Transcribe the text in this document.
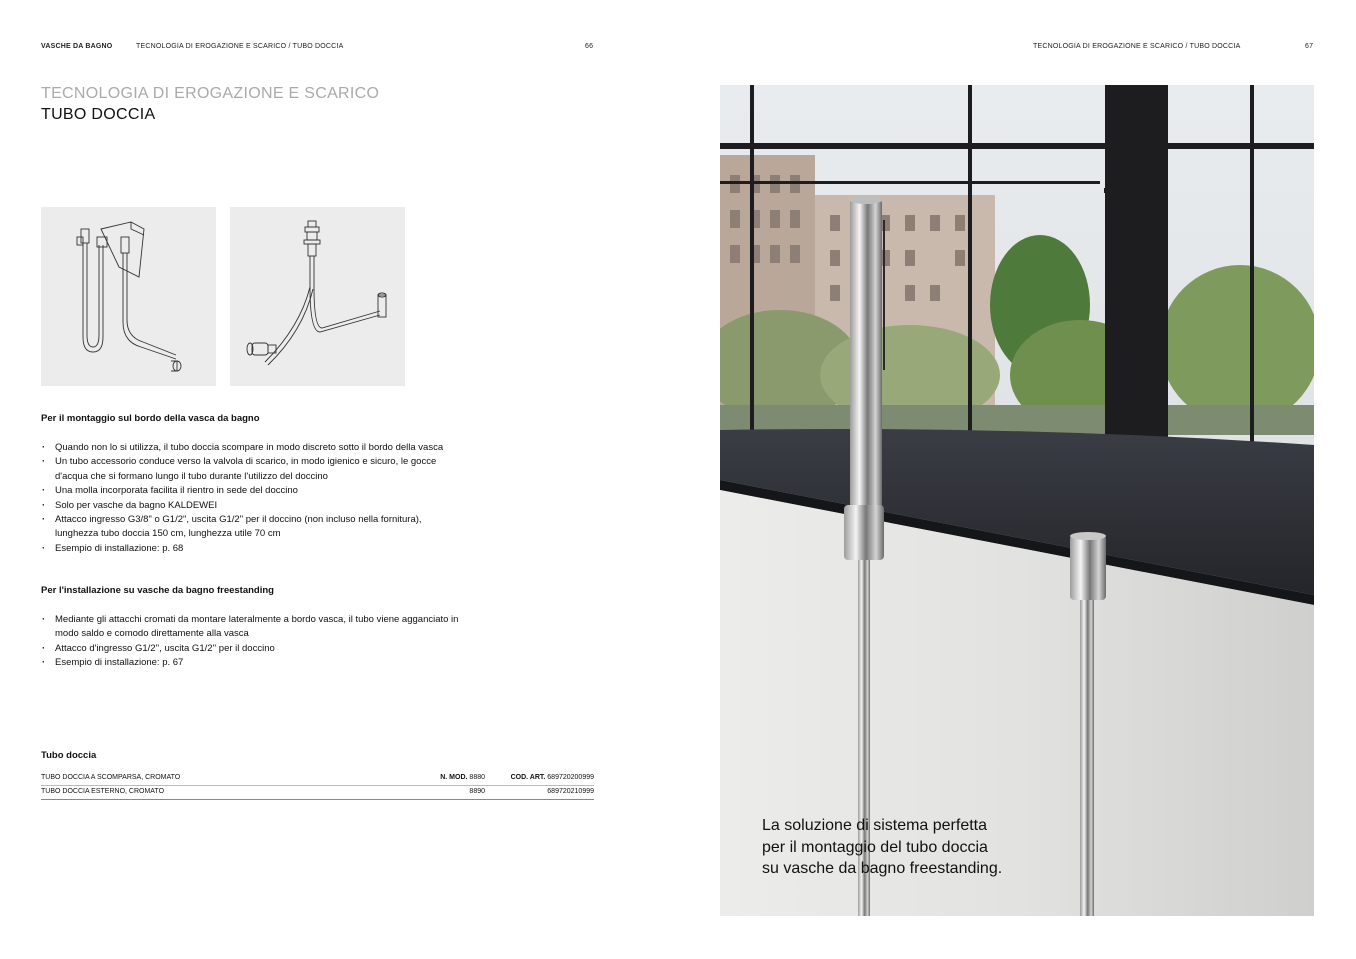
VASCHE DA BAGNO	TECNOLOGIA DI EROGAZIONE E SCARICO / TUBO DOCCIA	66	TECNOLOGIA DI EROGAZIONE E SCARICO / TUBO DOCCIA	67
TECNOLOGIA DI EROGAZIONE E SCARICO
TUBO DOCCIA
Per il montaggio sul bordo della vasca da bagno
· Quando non lo si utilizza, il tubo doccia scompare in modo discreto sotto il bordo della vasca
· Un tubo accessorio conduce verso la valvola di scarico, in modo igienico e sicuro, le gocce d'acqua che si formano lungo il tubo durante l'utilizzo del doccino
· Una molla incorporata facilita il rientro in sede del doccino
· Solo per vasche da bagno KALDEWEI
· Attacco ingresso G3/8" o G1/2", uscita G1/2" per il doccino (non incluso nella fornitura), lunghezza tubo doccia 150 cm, lunghezza utile 70 cm
· Esempio di installazione: p. 68
Per l'installazione su vasche da bagno freestanding
· Mediante gli attacchi cromati da montare lateralmente a bordo vasca, il tubo viene agganciato in modo saldo e comodo direttamente alla vasca
· Attacco d'ingresso G1/2'', uscita G1/2'' per il doccino
· Esempio di installazione: p. 67
Tubo doccia
TUBO DOCCIA A SCOMPARSA, CROMATO	N. MOD. 8880	COD. ART. 689720200999
TUBO DOCCIA ESTERNO, CROMATO	8890	689720210999
La soluzione di sistema perfetta
per il montaggio del tubo doccia
su vasche da bagno freestanding.
